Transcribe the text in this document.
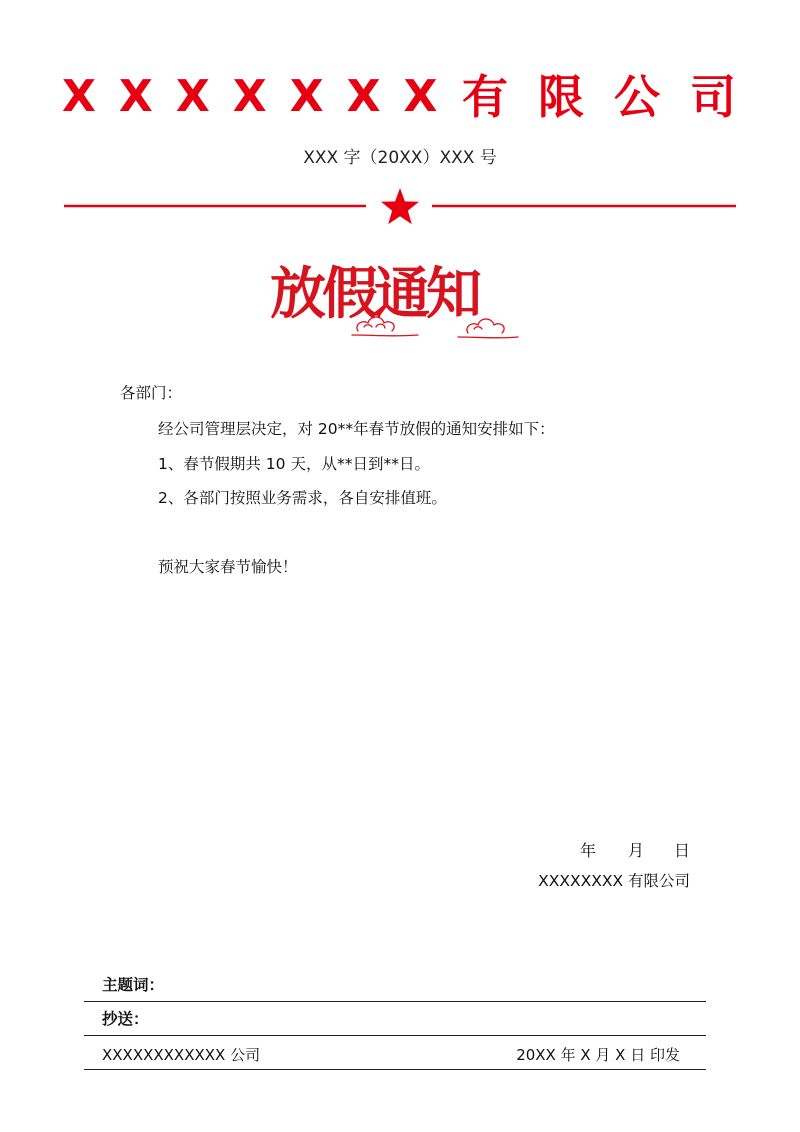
XXXXXXX 有限公司
XXX 字（20XX）XXX 号
放假通知
各部门：
经公司管理层决定，对 20**年春节放假的通知安排如下：
1、春节假期共 10 天，从**日到**日。
2、各部门按照业务需求，各自安排值班。
预祝大家春节愉快！
年 月 日
XXXXXXXX 有限公司
主题词：
抄送：
XXXXXXXXXXXX 公司	20XX 年 X 月 X 日 印发
